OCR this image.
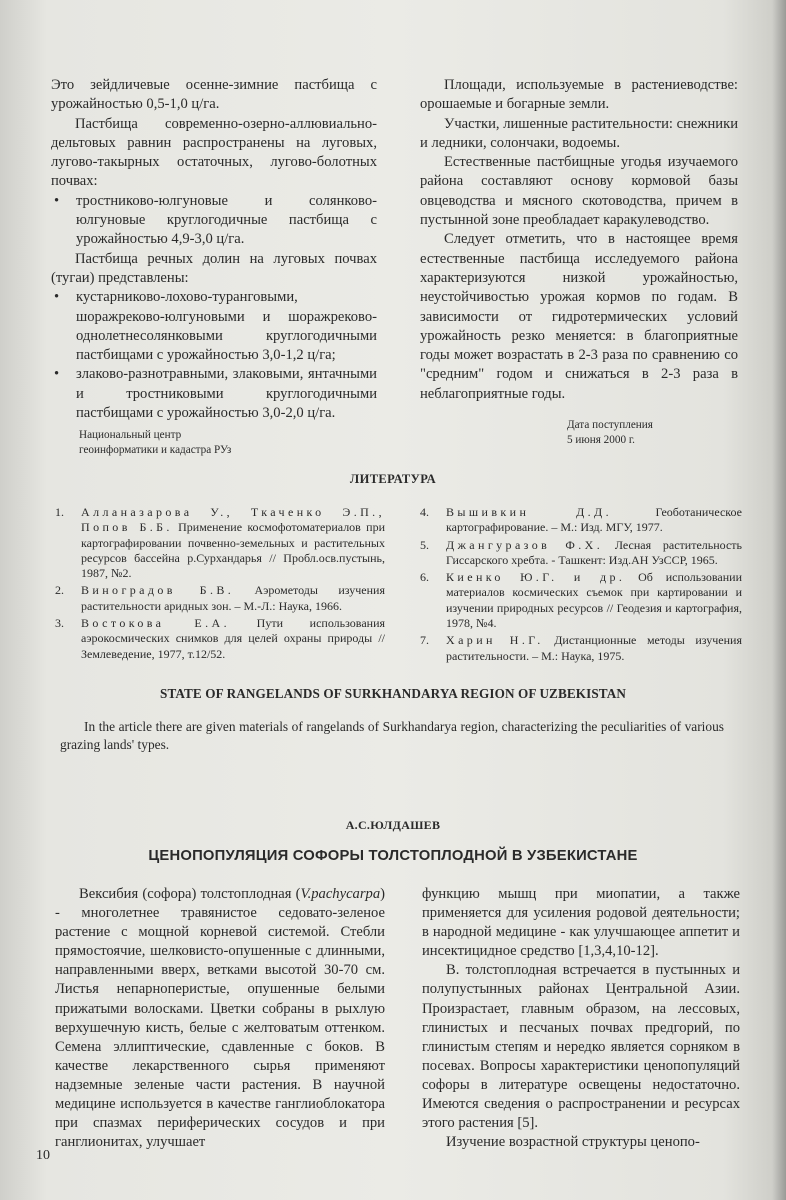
Это зейдличевые осенне-зимние пастбища с урожайностью 0,5-1,0 ц/га.

Пастбища современно-озерно-аллювиально-дельтовых равнин распространены на луговых, лугово-такырных остаточных, лугово-болотных почвах:

• тростниково-юлгуновые и солянково-юлгуновые круглогодичные пастбища с урожайностью 4,9-3,0 ц/га.

Пастбища речных долин на луговых почвах (тугаи) представлены:

• кустарниково-лохово-туранговыми, шоражреково-юлгуновыми и шоражреково-однолетнесолянковыми круглогодичными пастбищами с урожайностью 3,0-1,2 ц/га;
• злаково-разнотравными, злаковыми, янтачными и тростниковыми круглогодичными пастбищами с урожайностью 3,0-2,0 ц/га.

Площади, используемые в растениеводстве: орошаемые и богарные земли.

Участки, лишенные растительности: снежники и ледники, солончаки, водоемы.

Естественные пастбищные угодья изучаемого района составляют основу кормовой базы овцеводства и мясного скотоводства, причем в пустынной зоне преобладает каракулеводство.

Следует отметить, что в настоящее время естественные пастбища исследуемого района характеризуются низкой урожайностью, неустойчивостью урожая кормов по годам. В зависимости от гидротермических условий урожайность резко меняется: в благоприятные годы может возрастать в 2-3 раза по сравнению со "средним" годом и снижаться в 2-3 раза в неблагоприятные годы.

Национальный центр
геоинформатики и кадастра РУз
Дата поступления
5 июня 2000 г.
ЛИТЕРАТУРА
1. Алланазарова У., Ткаченко Э.П., Попов Б.Б. Применение космофотоматериалов при картографировании почвенно-земельных и растительных ресурсов бассейна р.Сурхандарья // Пробл.осв.пустынь, 1987, №2.
2. Виноградов Б.В. Аэрометоды изучения растительности аридных зон. – М.-Л.: Наука, 1966.
3. Востокова Е.А. Пути использования аэрокосмических снимков для целей охраны природы // Землеведение, 1977, т.12/52.
4. Вышивкин Д.Д. Геоботаническое картографирование. – М.: Изд. МГУ, 1977.
5. Джангуразов Ф.Х. Лесная растительность Гиссарского хребта. - Ташкент: Изд.АН УзССР, 1965.
6. Киенко Ю.Г. и др. Об использовании материалов космических съемок при картировании и изучении природных ресурсов // Геодезия и картография, 1978, №4.
7. Харин Н.Г. Дистанционные методы изучения растительности. – М.: Наука, 1975.
STATE OF RANGELANDS OF SURKHANDARYA REGION OF UZBEKISTAN
In the article there are given materials of rangelands of Surkhandarya region, characterizing the peculiarities of various grazing lands' types.
А.С.ЮЛДАШЕВ
ЦЕНОПОПУЛЯЦИЯ СОФОРЫ ТОЛСТОПЛОДНОЙ В УЗБЕКИСТАНЕ

Вексибия (софора) толстоплодная (V.pachycarpa) - многолетнее травянистое седовато-зеленое растение с мощной корневой системой. Стебли прямостоячие, шелковисто-опушенные с длинными, направленными вверх, ветками высотой 30-70 см. Листья непарноперистые, опушенные белыми прижатыми волосками. Цветки собраны в рыхлую верхушечную кисть, белые с желтоватым оттенком. Семена эллиптические, сдавленные с боков. В качестве лекарственного сырья применяют надземные зеленые части растения. В научной медицине используется в качестве ганглиоблокатора при спазмах периферических сосудов и при ганглионитах, улучшает

функцию мышц при миопатии, а также применяется для усиления родовой деятельности; в народной медицине - как улучшающее аппетит и инсектицидное средство [1,3,4,10-12].

В. толстоплодная встречается в пустынных и полупустынных районах Центральной Азии. Произрастает, главным образом, на лессовых, глинистых и песчаных почвах предгорий, по глинистым степям и нередко является сорняком в посевах. Вопросы характеристики ценопопуляций софоры в литературе освещены недостаточно. Имеются сведения о распространении и ресурсах этого растения [5].

Изучение возрастной структуры ценопо-

10
